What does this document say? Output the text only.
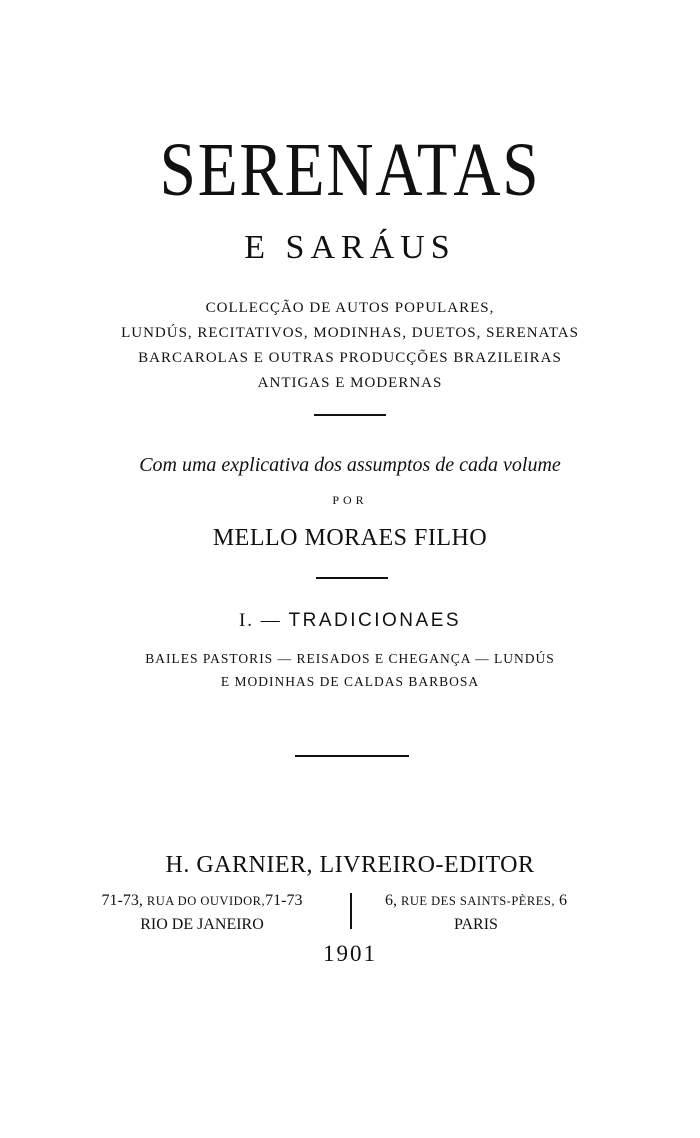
SERENATAS
E SARÁUS
COLLECÇÃO DE AUTOS POPULARES,
LUNDÚS, RECITATIVOS, MODINHAS, DUETOS, SERENATAS
BARCAROLAS E OUTRAS PRODUCÇÕES BRAZILEIRAS
ANTIGAS E MODERNAS
Com uma explicativa dos assumptos de cada volume
POR
MELLO MORAES FILHO
I. — TRADICIONAES
BAILES PASTORIS — REISADOS E CHEGANÇA — LUNDÚS
E MODINHAS DE CALDAS BARBOSA
H. GARNIER, LIVREIRO-EDITOR
71-73, RUA DO OUVIDOR,71-73
RIO DE JANEIRO
6, RUE DES SAINTS-PÈRES, 6
PARIS
1901
